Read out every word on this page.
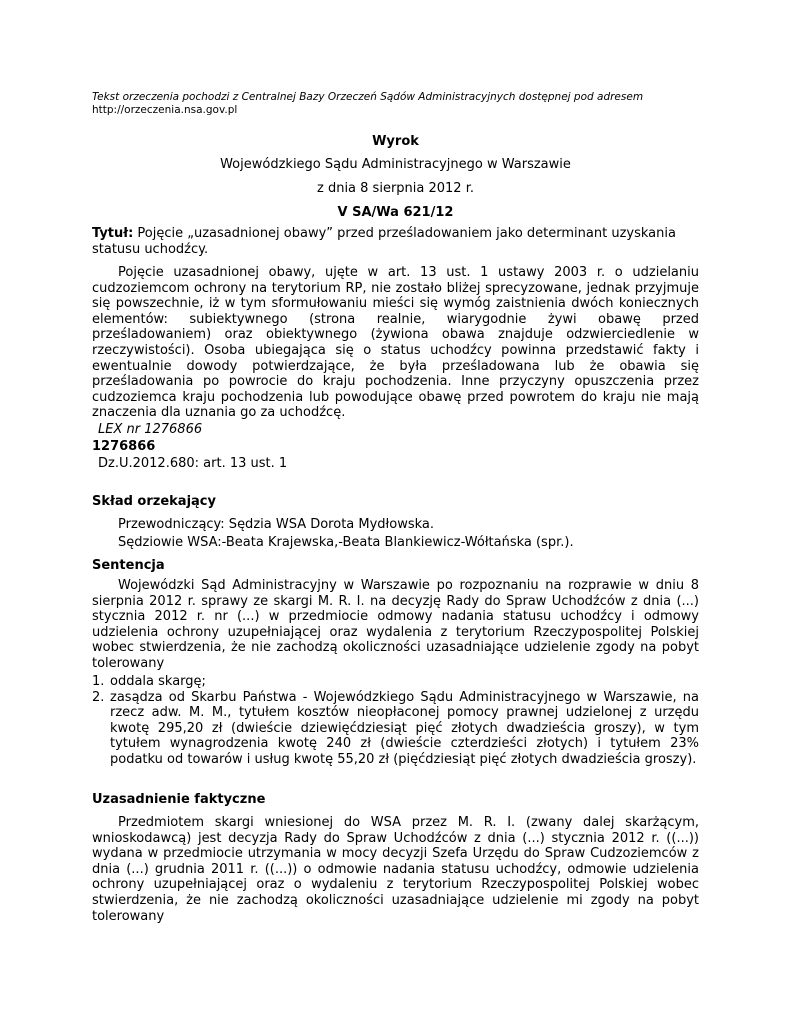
Tekst orzeczenia pochodzi z Centralnej Bazy Orzeczeń Sądów Administracyjnych dostępnej pod adresem
http://orzeczenia.nsa.gov.pl
Wyrok
Wojewódzkiego Sądu Administracyjnego w Warszawie
z dnia 8 sierpnia 2012 r.
V SA/Wa 621/12
Tytuł: Pojęcie „uzasadnionej obawy” przed prześladowaniem jako determinant uzyskania statusu uchodźcy.
Pojęcie uzasadnionej obawy, ujęte w art. 13 ust. 1 ustawy 2003 r. o udzielaniu cudzoziemcom ochrony na terytorium RP, nie zostało bliżej sprecyzowane, jednak przyjmuje się powszechnie, iż w tym sformułowaniu mieści się wymóg zaistnienia dwóch koniecznych elementów: subiektywnego (strona realnie, wiarygodnie żywi obawę przed prześladowaniem) oraz obiektywnego (żywiona obawa znajduje odzwierciedlenie w rzeczywistości). Osoba ubiegająca się o status uchodźcy powinna przedstawić fakty i ewentualnie dowody potwierdzające, że była prześladowana lub że obawia się prześladowania po powrocie do kraju pochodzenia. Inne przyczyny opuszczenia przez cudzoziemca kraju pochodzenia lub powodujące obawę przed powrotem do kraju nie mają znaczenia dla uznania go za uchodźcę.
LEX nr 1276866
1276866
Dz.U.2012.680: art. 13 ust. 1
Skład orzekający
Przewodniczący: Sędzia WSA Dorota Mydłowska.
Sędziowie WSA:-Beata Krajewska,-Beata Blankiewicz-Wółtańska (spr.).
Sentencja
Wojewódzki Sąd Administracyjny w Warszawie po rozpoznaniu na rozprawie w dniu 8 sierpnia 2012 r. sprawy ze skargi M. R. I. na decyzję Rady do Spraw Uchodźców z dnia (...) stycznia 2012 r. nr (...) w przedmiocie odmowy nadania statusu uchodźcy i odmowy udzielenia ochrony uzupełniającej oraz wydalenia z terytorium Rzeczypospolitej Polskiej wobec stwierdzenia, że nie zachodzą okoliczności uzasadniające udzielenie zgody na pobyt tolerowany
1. oddala skargę;
2. zasądza od Skarbu Państwa - Wojewódzkiego Sądu Administracyjnego w Warszawie, na rzecz adw. M. M., tytułem kosztów nieopłaconej pomocy prawnej udzielonej z urzędu kwotę 295,20 zł (dwieście dziewięćdziesiąt pięć złotych dwadzieścia groszy), w tym tytułem wynagrodzenia kwotę 240 zł (dwieście czterdzieści złotych) i tytułem 23% podatku od towarów i usług kwotę 55,20 zł (pięćdziesiąt pięć złotych dwadzieścia groszy).
Uzasadnienie faktyczne
Przedmiotem skargi wniesionej do WSA przez M. R. I. (zwany dalej skarżącym, wnioskodawcą) jest decyzja Rady do Spraw Uchodźców z dnia (...) stycznia 2012 r. ((...)) wydana w przedmiocie utrzymania w mocy decyzji Szefa Urzędu do Spraw Cudzoziemców z dnia (...) grudnia 2011 r. ((...)) o odmowie nadania statusu uchodźcy, odmowie udzielenia ochrony uzupełniającej oraz o wydaleniu z terytorium Rzeczypospolitej Polskiej wobec stwierdzenia, że nie zachodzą okoliczności uzasadniające udzielenie mi zgody na pobyt tolerowany
